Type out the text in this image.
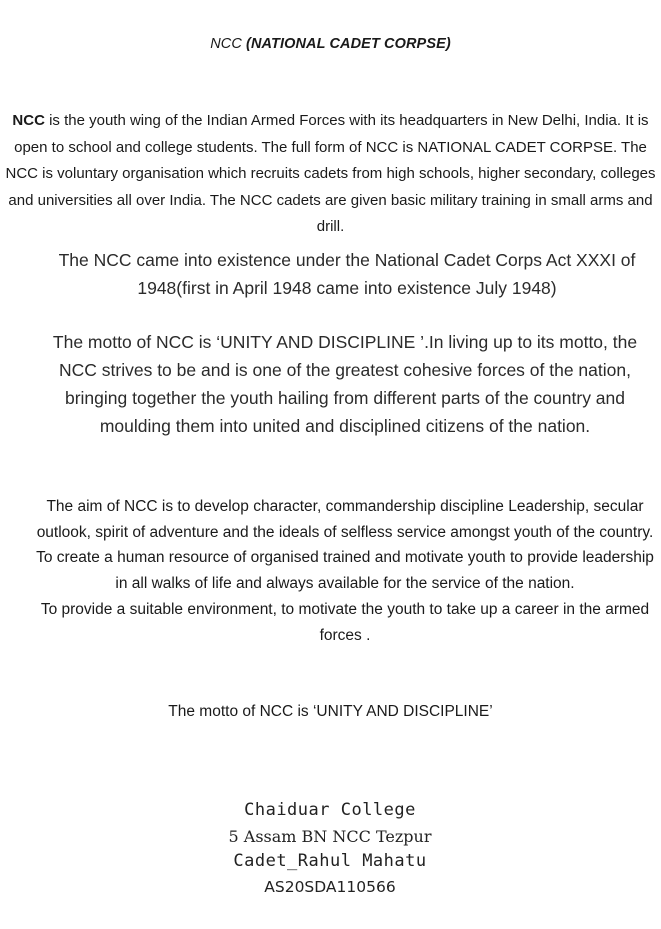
NCC (NATIONAL CADET CORPSE)

NCC is the youth wing of the Indian Armed Forces with its headquarters in New Delhi, India. It is open to school and college students. The full form of NCC is NATIONAL CADET CORPSE. The NCC is voluntary organisation which recruits cadets from high schools, higher secondary, colleges and universities all over India. The NCC cadets are given basic military training in small arms and drill.

The NCC came into existence under the National Cadet Corps Act XXXI of 1948(first in April 1948 came into existence July 1948)

The motto of NCC is ‘UNITY AND DISCIPLINE ’.In living up to its motto, the NCC strives to be and is one of the greatest cohesive forces of the nation, bringing together the youth hailing from different parts of the country and moulding them into united and disciplined citizens of the nation.

The aim of NCC is to develop character, commandership discipline Leadership, secular outlook, spirit of adventure and the ideals of selfless service amongst youth of the country. To create a human resource of organised trained and motivate youth to provide leadership in all walks of life and always available for the service of the nation.
To provide a suitable environment, to motivate the youth to take up a career in the armed forces .

The motto of NCC is ‘UNITY AND DISCIPLINE’

Chaiduar College
5 Assam BN NCC Tezpur
Cadet_Rahul Mahatu
AS20SDA110566
